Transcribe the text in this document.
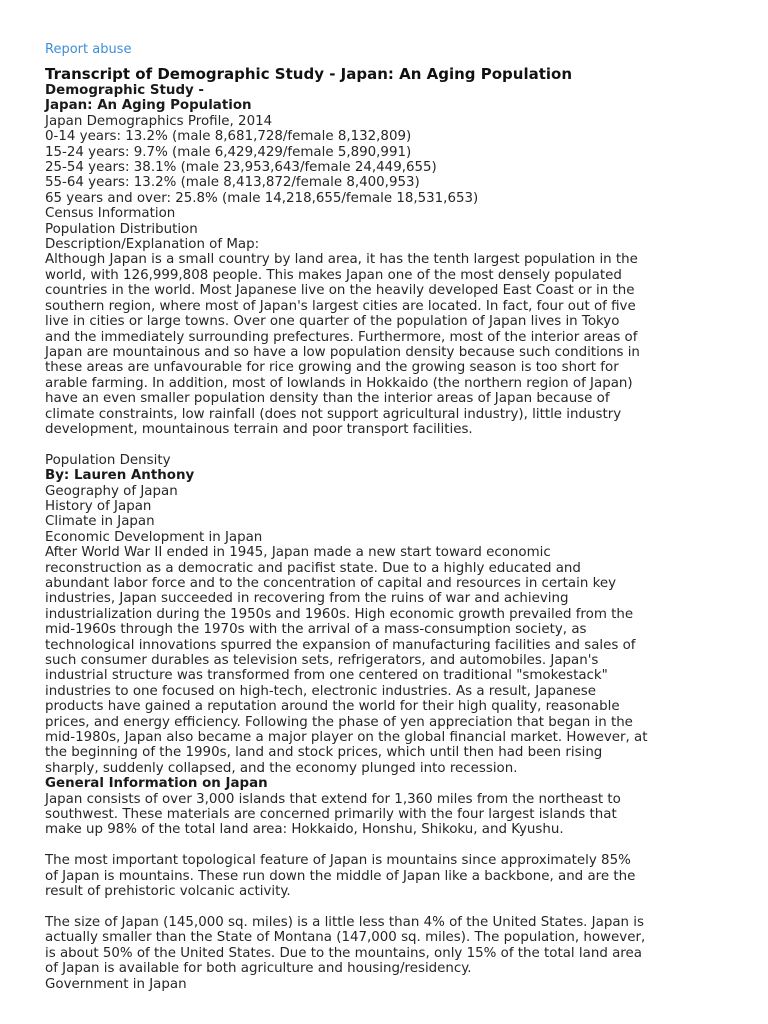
Report abuse
Transcript of Demographic Study - Japan: An Aging Population
Demographic Study -
Japan: An Aging Population
Japan Demographics Profile, 2014
0-14 years: 13.2% (male 8,681,728/female 8,132,809)
15-24 years: 9.7% (male 6,429,429/female 5,890,991)
25-54 years: 38.1% (male 23,953,643/female 24,449,655)
55-64 years: 13.2% (male 8,413,872/female 8,400,953)
65 years and over: 25.8% (male 14,218,655/female 18,531,653)
Census Information
Population Distribution
Description/Explanation of Map:
Although Japan is a small country by land area, it has the tenth largest population in the
world, with 126,999,808 people. This makes Japan one of the most densely populated
countries in the world. Most Japanese live on the heavily developed East Coast or in the
southern region, where most of Japan's largest cities are located. In fact, four out of five
live in cities or large towns. Over one quarter of the population of Japan lives in Tokyo
and the immediately surrounding prefectures. Furthermore, most of the interior areas of
Japan are mountainous and so have a low population density because such conditions in
these areas are unfavourable for rice growing and the growing season is too short for
arable farming. In addition, most of lowlands in Hokkaido (the northern region of Japan)
have an even smaller population density than the interior areas of Japan because of
climate constraints, low rainfall (does not support agricultural industry), little industry
development, mountainous terrain and poor transport facilities.
Population Density
By: Lauren Anthony
Geography of Japan
History of Japan
Climate in Japan
Economic Development in Japan
After World War II ended in 1945, Japan made a new start toward economic
reconstruction as a democratic and pacifist state. Due to a highly educated and
abundant labor force and to the concentration of capital and resources in certain key
industries, Japan succeeded in recovering from the ruins of war and achieving
industrialization during the 1950s and 1960s. High economic growth prevailed from the
mid-1960s through the 1970s with the arrival of a mass-consumption society, as
technological innovations spurred the expansion of manufacturing facilities and sales of
such consumer durables as television sets, refrigerators, and automobiles. Japan's
industrial structure was transformed from one centered on traditional "smokestack"
industries to one focused on high-tech, electronic industries. As a result, Japanese
products have gained a reputation around the world for their high quality, reasonable
prices, and energy efficiency. Following the phase of yen appreciation that began in the
mid-1980s, Japan also became a major player on the global financial market. However, at
the beginning of the 1990s, land and stock prices, which until then had been rising
sharply, suddenly collapsed, and the economy plunged into recession.
General Information on Japan
Japan consists of over 3,000 islands that extend for 1,360 miles from the northeast to
southwest. These materials are concerned primarily with the four largest islands that
make up 98% of the total land area: Hokkaido, Honshu, Shikoku, and Kyushu.
The most important topological feature of Japan is mountains since approximately 85%
of Japan is mountains. These run down the middle of Japan like a backbone, and are the
result of prehistoric volcanic activity.
The size of Japan (145,000 sq. miles) is a little less than 4% of the United States. Japan is
actually smaller than the State of Montana (147,000 sq. miles). The population, however,
is about 50% of the United States. Due to the mountains, only 15% of the total land area
of Japan is available for both agriculture and housing/residency.
Government in Japan
